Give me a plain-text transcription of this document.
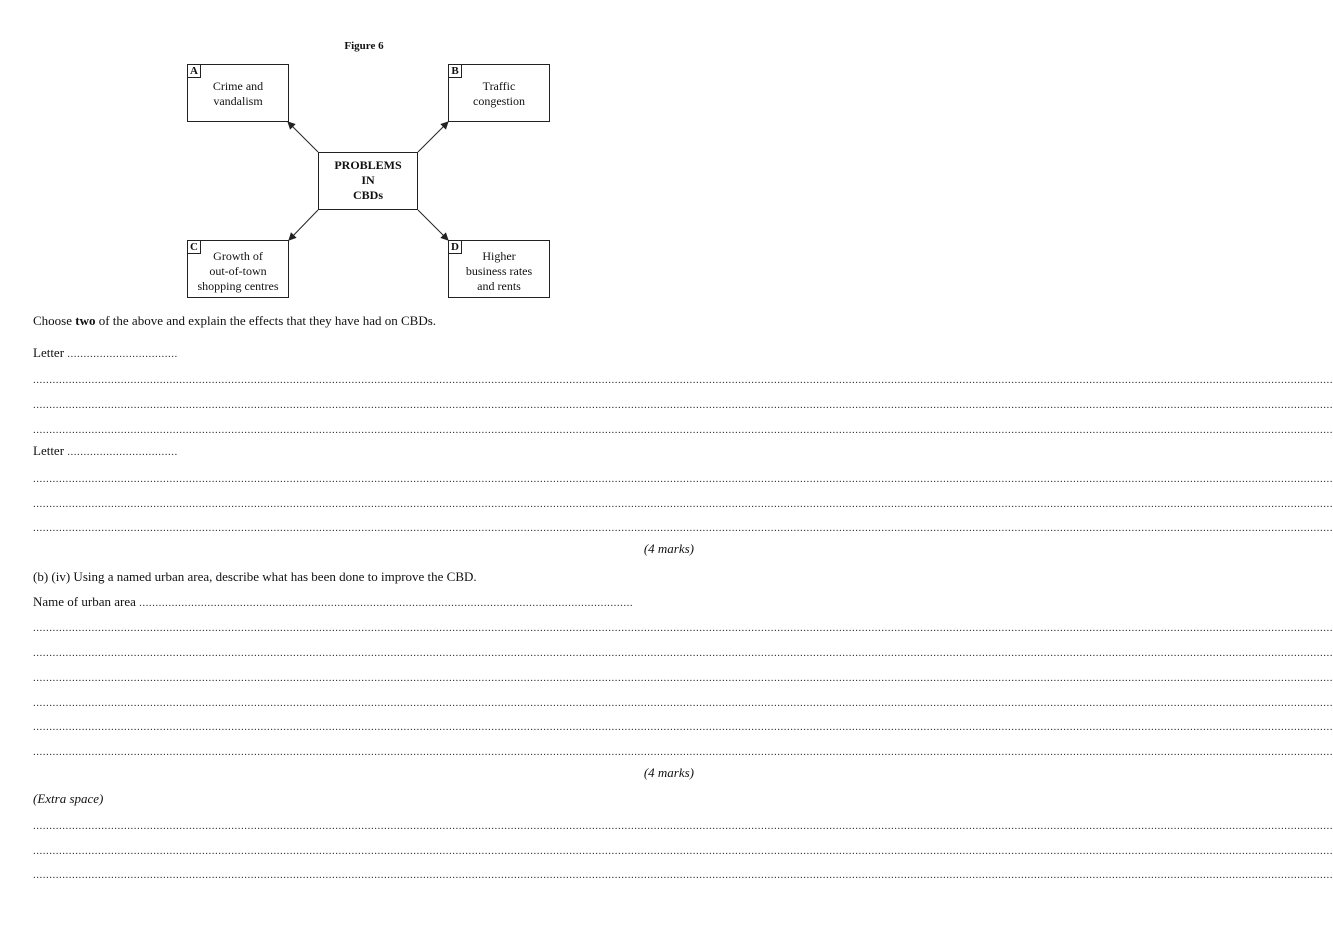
Figure 6
A
Crime and
vandalism
B
Traffic
congestion
PROBLEMS
IN
CBDs
C
Growth of
out-of-town
shopping centres
D
Higher
business rates
and rents
Choose two of the above and explain the effects that they have had on CBDs.
Letter ..................................
................................................................................................................................................................................................................................................................................................................................................................................................................
................................................................................................................................................................................................................................................................................................................................................................................................................
................................................................................................................................................................................................................................................................................................................................................................................................................
Letter ..................................
................................................................................................................................................................................................................................................................................................................................................................................................................
................................................................................................................................................................................................................................................................................................................................................................................................................
................................................................................................................................................................................................................................................................................................................................................................................................................
(4 marks)
(b) (iv) Using a named urban area, describe what has been done to improve the CBD.
Name of urban area ........................................................................................................................................................
................................................................................................................................................................................................................................................................................................................................................................................................................
................................................................................................................................................................................................................................................................................................................................................................................................................
................................................................................................................................................................................................................................................................................................................................................................................................................
................................................................................................................................................................................................................................................................................................................................................................................................................
................................................................................................................................................................................................................................................................................................................................................................................................................
................................................................................................................................................................................................................................................................................................................................................................................................................
(4 marks)
(Extra space)
................................................................................................................................................................................................................................................................................................................................................................................................................
................................................................................................................................................................................................................................................................................................................................................................................................................
................................................................................................................................................................................................................................................................................................................................................................................................................
